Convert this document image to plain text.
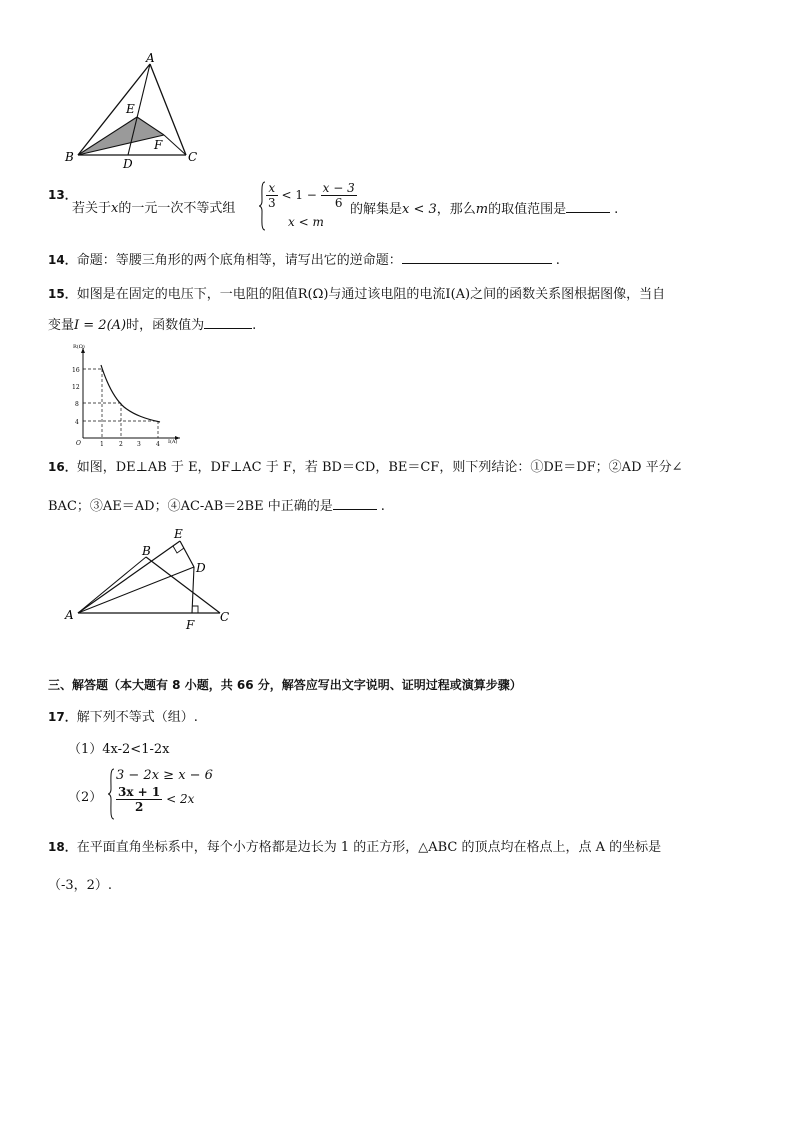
A
E
F
B	D	C
13．
若关于x的一元一次不等式组	$\frac{x}{3} < 1 - \frac{x - 3}{6}$
x < m
的解集是x < 3，那么m的取值范围是	.
14．命题：等腰三角形的两个底角相等，请写出它的逆命题：	.
15．如图是在固定的电压下，一电阻的阻值R(Ω)与通过该电阻的电流I(A)之间的函数关系图根据图像，当自
变量I = 2(A)时，函数值为	.
R(Ω)
I(A)
O
16
12
8
4
1	2 3	4
16．如图，DE⊥AB 于 E，DF⊥AC 于 F，若 BD＝CD，BE＝CF，则下列结论：①DE＝DF；②AD 平分∠
BAC；③AE＝AD；④AC-AB＝2BE 中正确的是	.
E
B
D
A	C
F
三、解答题（本大题有 8 小题，共 66 分，解答应写出文字说明、证明过程或演算步骤）
17．解下列不等式（组）.
（1）4x-2<1-2x
（2）
3 − 2x ≥ x − 6
$\frac{3x + 1}{2} < 2x$
18．在平面直角坐标系中，每个小方格都是边长为 1 的正方形，△ABC 的顶点均在格点上，点 A 的坐标是
（-3，2）.
